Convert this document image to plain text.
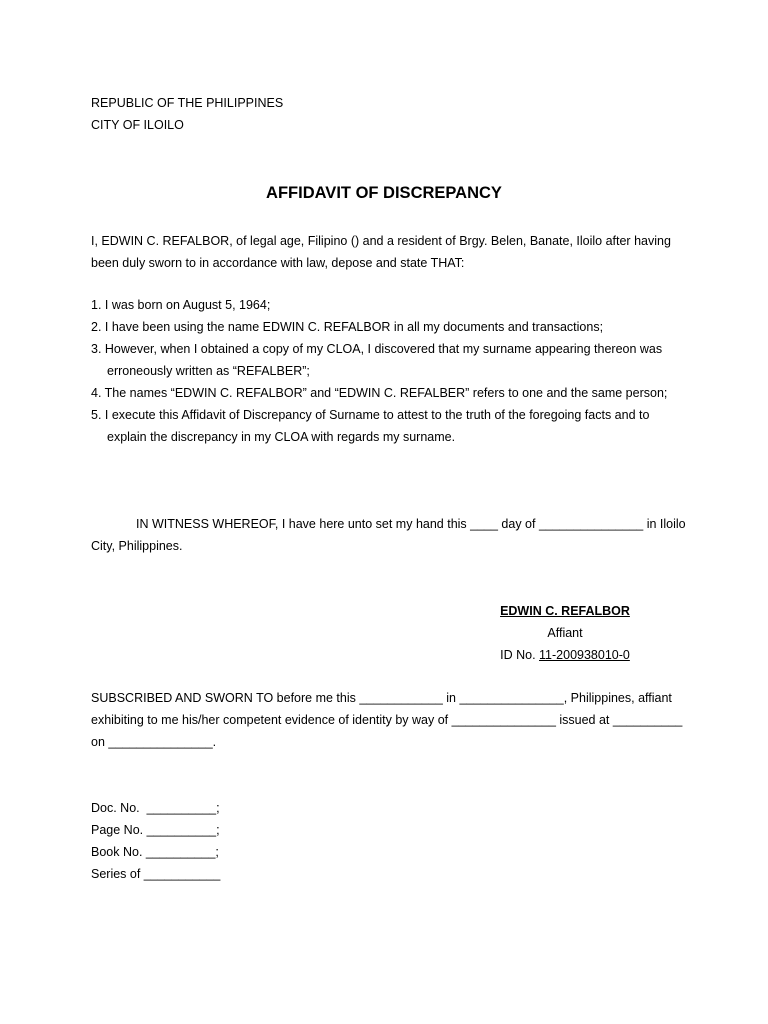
REPUBLIC OF THE PHILIPPINES
CITY OF ILOILO
AFFIDAVIT OF DISCREPANCY
I, EDWIN C. REFALBOR, of legal age, Filipino () and a resident of Brgy. Belen, Banate, Iloilo after having been duly sworn to in accordance with law, depose and state THAT:
1. I was born on August 5, 1964;
2. I have been using the name EDWIN C. REFALBOR in all my documents and transactions;
3. However, when I obtained a copy of my CLOA, I discovered that my surname appearing thereon was erroneously written as “REFALBER”;
4. The names “EDWIN C. REFALBOR” and “EDWIN C. REFALBER” refers to one and the same person;
5. I execute this Affidavit of Discrepancy of Surname to attest to the truth of the foregoing facts and to explain the discrepancy in my CLOA with regards my surname.
IN WITNESS WHEREOF, I have here unto set my hand this ____ day of _______________ in Iloilo City, Philippines.
EDWIN C. REFALBOR
Affiant
ID No. 11-200938010-0
SUBSCRIBED AND SWORN TO before me this ____________ in _______________, Philippines, affiant exhibiting to me his/her competent evidence of identity by way of _______________ issued at __________ on _______________.
Doc. No.  __________;
Page No. __________;
Book No. __________;
Series of ___________
